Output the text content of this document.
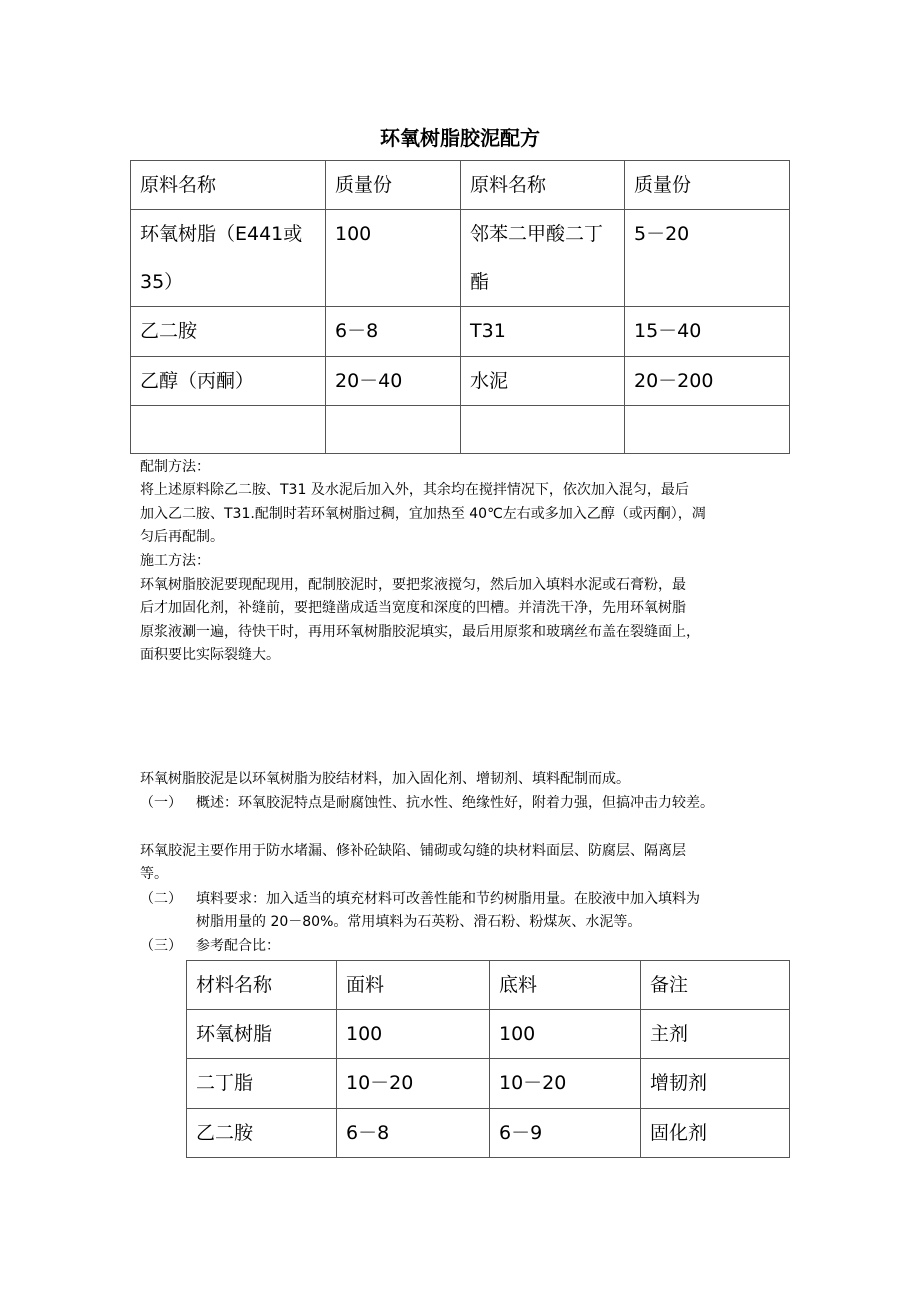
环氧树脂胶泥配方
原料名称	质量份	原料名称	质量份

环氧树脂（E441或35）	100	邻苯二甲酸二丁酯	5－20

乙二胺	6－8	T31	15－40

乙醇（丙酮）	20－40	水泥	20－200

配制方法：
将上述原料除乙二胺、T31 及水泥后加入外，其余均在搅拌情况下，依次加入混匀，最后
加入乙二胺、T31.配制时若环氧树脂过稠，宜加热至 40℃左右或多加入乙醇（或丙酮），凋
匀后再配制。
施工方法：
环氧树脂胶泥要现配现用，配制胶泥时，要把浆液搅匀，然后加入填料水泥或石膏粉，最
后才加固化剂，补缝前，要把缝凿成适当宽度和深度的凹槽。并清洗干净，先用环氧树脂
原浆液涮一遍，待快干时，再用环氧树脂胶泥填实，最后用原浆和玻璃丝布盖在裂缝面上，
面积要比实际裂缝大。
环氧树脂胶泥是以环氧树脂为胶结材料，加入固化剂、增韧剂、填料配制而成。
（一） 概述：环氧胶泥特点是耐腐蚀性、抗水性、绝缘性好，附着力强，但搞冲击力较差。
环氧胶泥主要作用于防水堵漏、修补砼缺陷、铺砌或勾缝的块材料面层、防腐层、隔离层
等。
（二） 填料要求：加入适当的填充材料可改善性能和节约树脂用量。在胶液中加入填料为
树脂用量的 20－80%。常用填料为石英粉、滑石粉、粉煤灰、水泥等。
（三） 参考配合比：
材料名称	面料	底料	备注

环氧树脂	100	100	主剂

二丁脂	10－20	10－20	增韧剂

乙二胺	6－8	6－9	固化剂
